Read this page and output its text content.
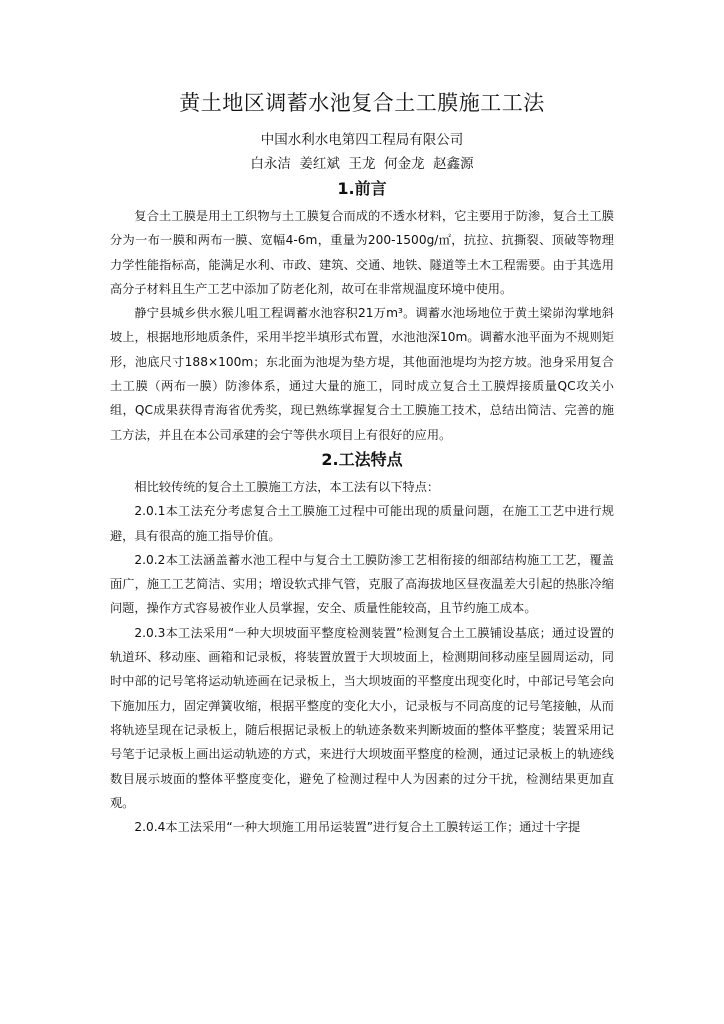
黄土地区调蓄水池复合土工膜施工工法

中国水利水电第四工程局有限公司

白永洁  姜红斌  王龙  何金龙  赵鑫源

1.前言

复合土工膜是用土工织物与土工膜复合而成的不透水材料，它主要用于防渗，复合土工膜分为一布一膜和两布一膜、宽幅4-6m，重量为200-1500g/㎡，抗拉、抗撕裂、顶破等物理力学性能指标高，能满足水利、市政、建筑、交通、地铁、隧道等土木工程需要。由于其选用高分子材料且生产工艺中添加了防老化剂，故可在非常规温度环境中使用。

静宁县城乡供水猴儿咀工程调蓄水池容积21万m³。调蓄水池场地位于黄土梁峁沟掌地斜坡上，根据地形地质条件，采用半挖半填形式布置，水池池深10m。调蓄水池平面为不规则矩形，池底尺寸188×100m；东北面为池堤为垫方堤，其他面池堤均为挖方坡。池身采用复合土工膜（两布一膜）防渗体系，通过大量的施工，同时成立复合土工膜焊接质量QC攻关小组，QC成果获得青海省优秀奖，现已熟练掌握复合土工膜施工技术，总结出简洁、完善的施工方法，并且在本公司承建的会宁等供水项目上有很好的应用。

2.工法特点

相比较传统的复合土工膜施工方法，本工法有以下特点：

2.0.1本工法充分考虑复合土工膜施工过程中可能出现的质量问题，在施工工艺中进行规避，具有很高的施工指导价值。

2.0.2本工法涵盖蓄水池工程中与复合土工膜防渗工艺相衔接的细部结构施工工艺，覆盖面广，施工工艺简洁、实用；增设软式排气管，克服了高海拔地区昼夜温差大引起的热胀冷缩问题，操作方式容易被作业人员掌握，安全、质量性能较高，且节约施工成本。

2.0.3本工法采用“一种大坝坡面平整度检测装置”检测复合土工膜铺设基底；通过设置的轨道环、移动座、画箱和记录板，将装置放置于大坝坡面上，检测期间移动座呈圆周运动，同时中部的记号笔将运动轨迹画在记录板上，当大坝坡面的平整度出现变化时，中部记号笔会向下施加压力，固定弹簧收缩，根据平整度的变化大小，记录板与不同高度的记号笔接触，从而将轨迹呈现在记录板上，随后根据记录板上的轨迹条数来判断坡面的整体平整度；装置采用记号笔于记录板上画出运动轨迹的方式，来进行大坝坡面平整度的检测，通过记录板上的轨迹线数目展示坡面的整体平整度变化，避免了检测过程中人为因素的过分干扰，检测结果更加直观。

2.0.4本工法采用“一种大坝施工用吊运装置”进行复合土工膜转运工作；通过十字提
